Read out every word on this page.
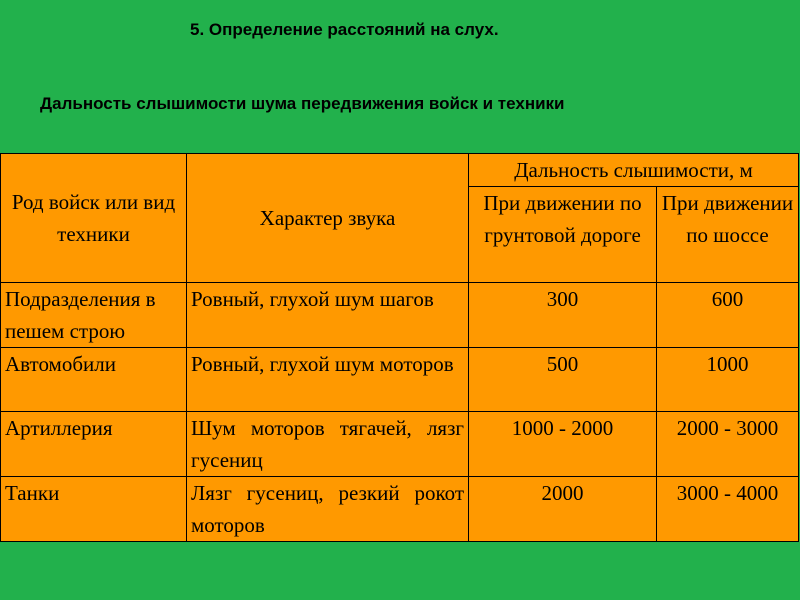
5. Определение расстояний на слух.
Дальность слышимости шума передвижения войск и техники
Род войск или вид техники	Характер звука	Дальность слышимости, м	
		При движении по грунтовой дороге	При движении по шоссе
Подразделения в пешем строю	Ровный, глухой шум шагов	300	600
Автомобили	Ровный, глухой шум моторов	500	1000
Артиллерия	Шум моторов тягачей, лязг гусениц	1000 - 2000	2000 - 3000
Танки	Лязг гусениц, резкий рокот моторов	2000	3000 - 4000
